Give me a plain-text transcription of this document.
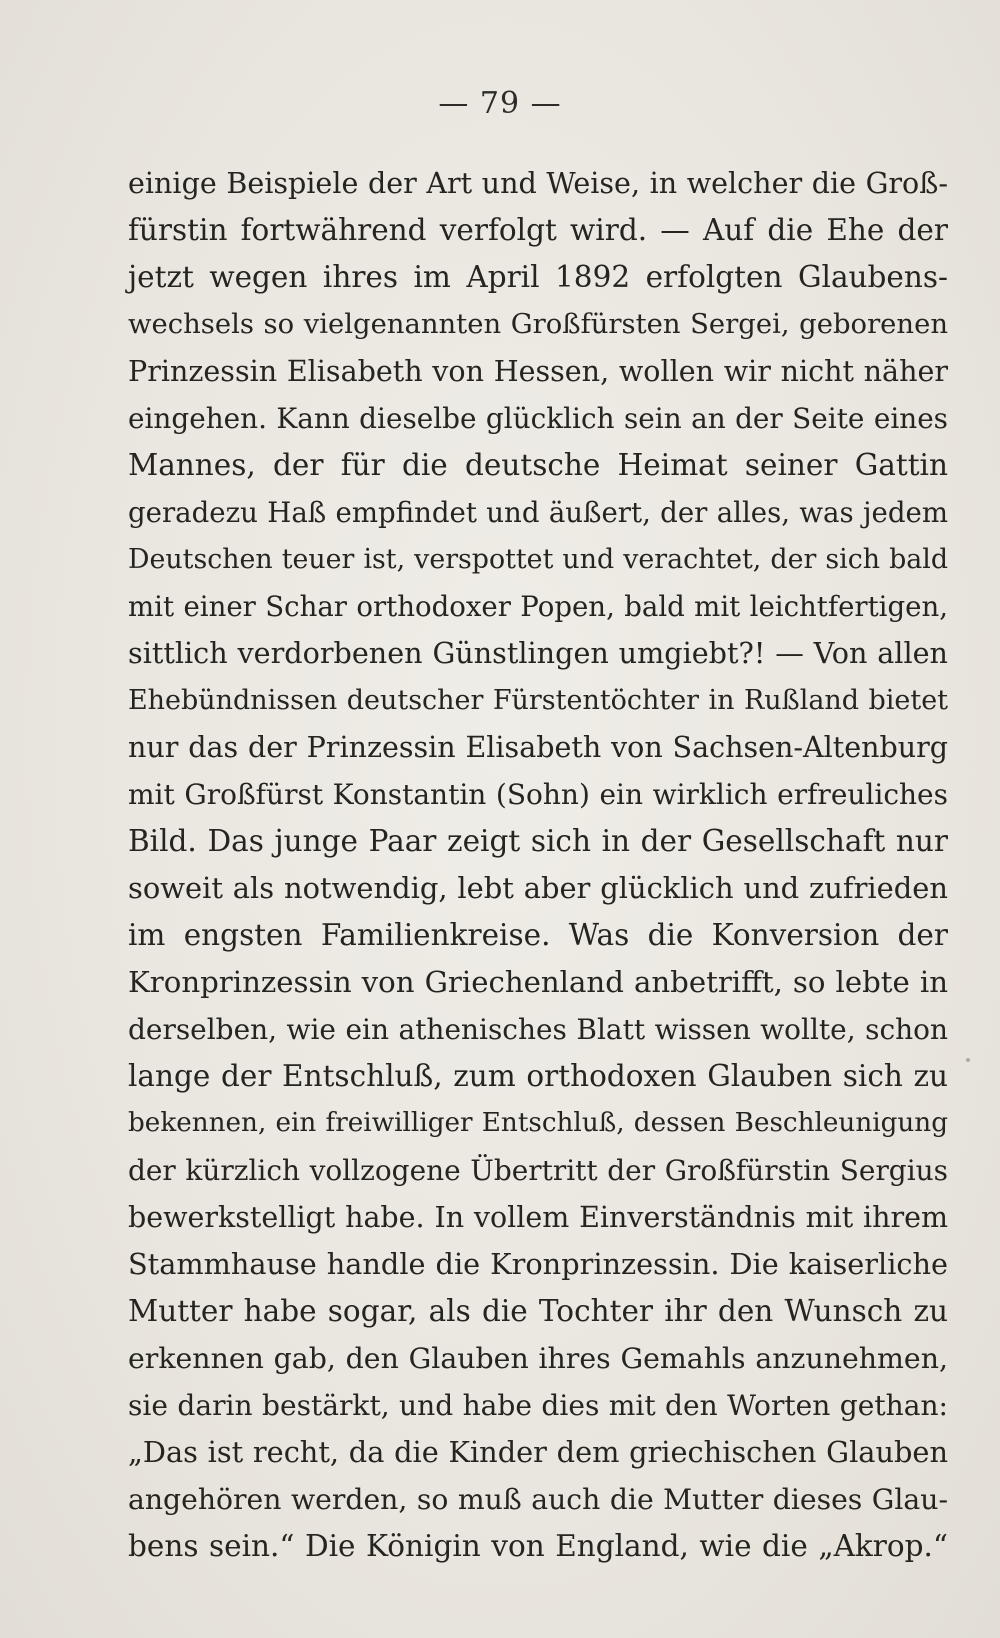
— 79 —
einige Beispiele der Art und Weise, in welcher die Groß-
fürstin fortwährend verfolgt wird. — Auf die Ehe der
jetzt wegen ihres im April 1892 erfolgten Glaubens-
wechsels so vielgenannten Großfürsten Sergei, geborenen
Prinzessin Elisabeth von Hessen, wollen wir nicht näher
eingehen. Kann dieselbe glücklich sein an der Seite eines
Mannes, der für die deutsche Heimat seiner Gattin
geradezu Haß empfindet und äußert, der alles, was jedem
Deutschen teuer ist, verspottet und verachtet, der sich bald
mit einer Schar orthodoxer Popen, bald mit leichtfertigen,
sittlich verdorbenen Günstlingen umgiebt?! — Von allen
Ehebündnissen deutscher Fürstentöchter in Rußland bietet
nur das der Prinzessin Elisabeth von Sachsen-Altenburg
mit Großfürst Konstantin (Sohn) ein wirklich erfreuliches
Bild. Das junge Paar zeigt sich in der Gesellschaft nur
soweit als notwendig, lebt aber glücklich und zufrieden
im engsten Familienkreise. Was die Konversion der
Kronprinzessin von Griechenland anbetrifft, so lebte in
derselben, wie ein athenisches Blatt wissen wollte, schon
lange der Entschluß, zum orthodoxen Glauben sich zu
bekennen, ein freiwilliger Entschluß, dessen Beschleunigung
der kürzlich vollzogene Übertritt der Großfürstin Sergius
bewerkstelligt habe. In vollem Einverständnis mit ihrem
Stammhause handle die Kronprinzessin. Die kaiserliche
Mutter habe sogar, als die Tochter ihr den Wunsch zu
erkennen gab, den Glauben ihres Gemahls anzunehmen,
sie darin bestärkt, und habe dies mit den Worten gethan:
„Das ist recht, da die Kinder dem griechischen Glauben
angehören werden, so muß auch die Mutter dieses Glau-
bens sein.“ Die Königin von England, wie die „Akrop.“
